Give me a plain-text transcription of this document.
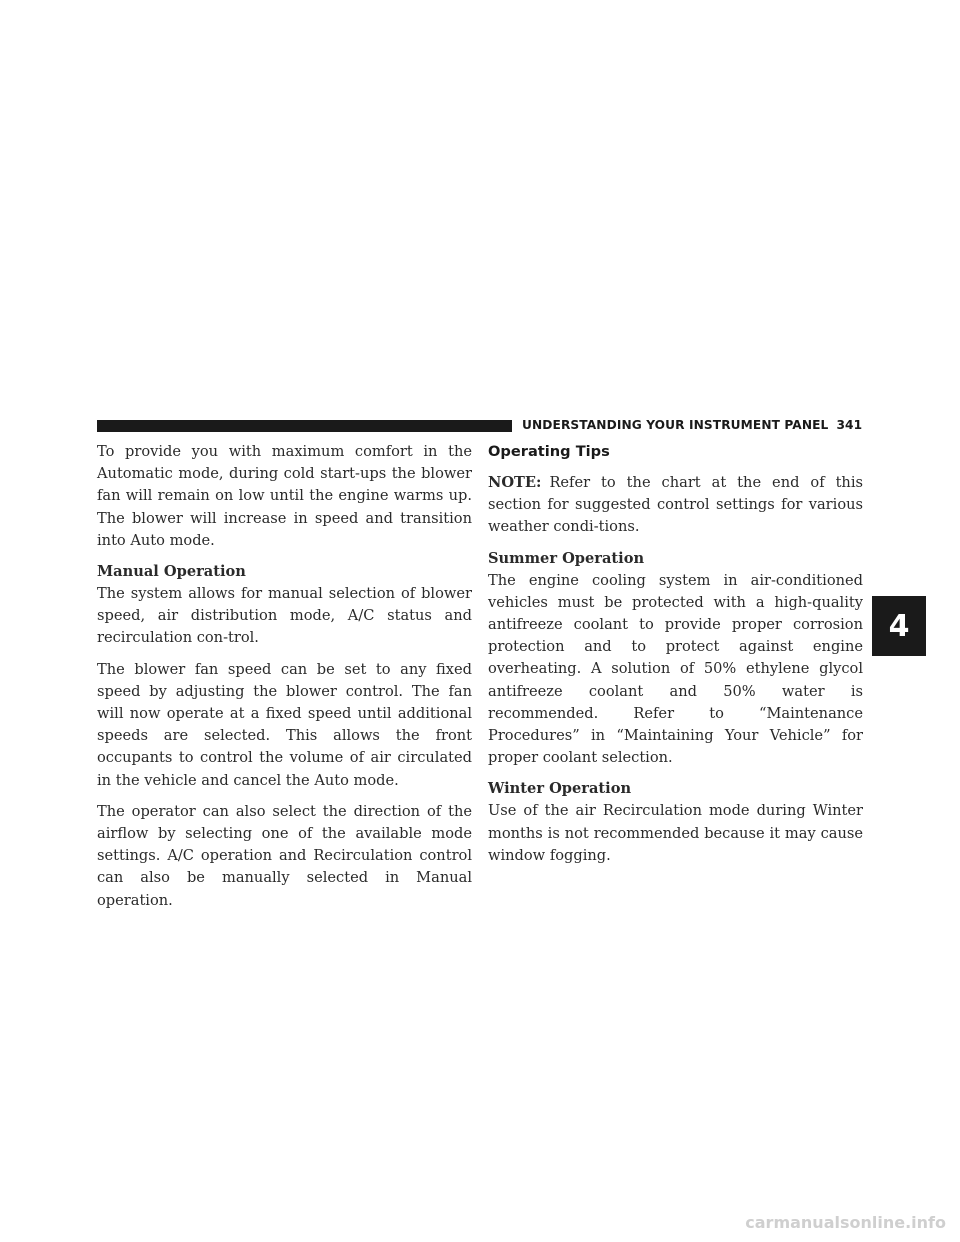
UNDERSTANDING YOUR INSTRUMENT PANEL 341

To provide you with maximum comfort in the Automatic mode, during cold start-ups the blower fan will remain on low until the engine warms up. The blower will increase in speed and transition into Auto mode.

Manual Operation

The system allows for manual selection of blower speed, air distribution mode, A/C status and recirculation con-trol.

The blower fan speed can be set to any fixed speed by adjusting the blower control. The fan will now operate at a fixed speed until additional speeds are selected. This allows the front occupants to control the volume of air circulated in the vehicle and cancel the Auto mode.

The operator can also select the direction of the airflow by selecting one of the available mode settings. A/C operation and Recirculation control can also be manually selected in Manual operation.

Operating Tips

NOTE: Refer to the chart at the end of this section for suggested control settings for various weather condi-tions.

Summer Operation

The engine cooling system in air-conditioned vehicles must be protected with a high-quality antifreeze coolant to provide proper corrosion protection and to protect against engine overheating. A solution of 50% ethylene glycol antifreeze coolant and 50% water is recommended. Refer to “Maintenance Procedures” in “Maintaining Your Vehicle” for proper coolant selection.

Winter Operation

Use of the air Recirculation mode during Winter months is not recommended because it may cause window fogging.

4
carmanualsonline.info
